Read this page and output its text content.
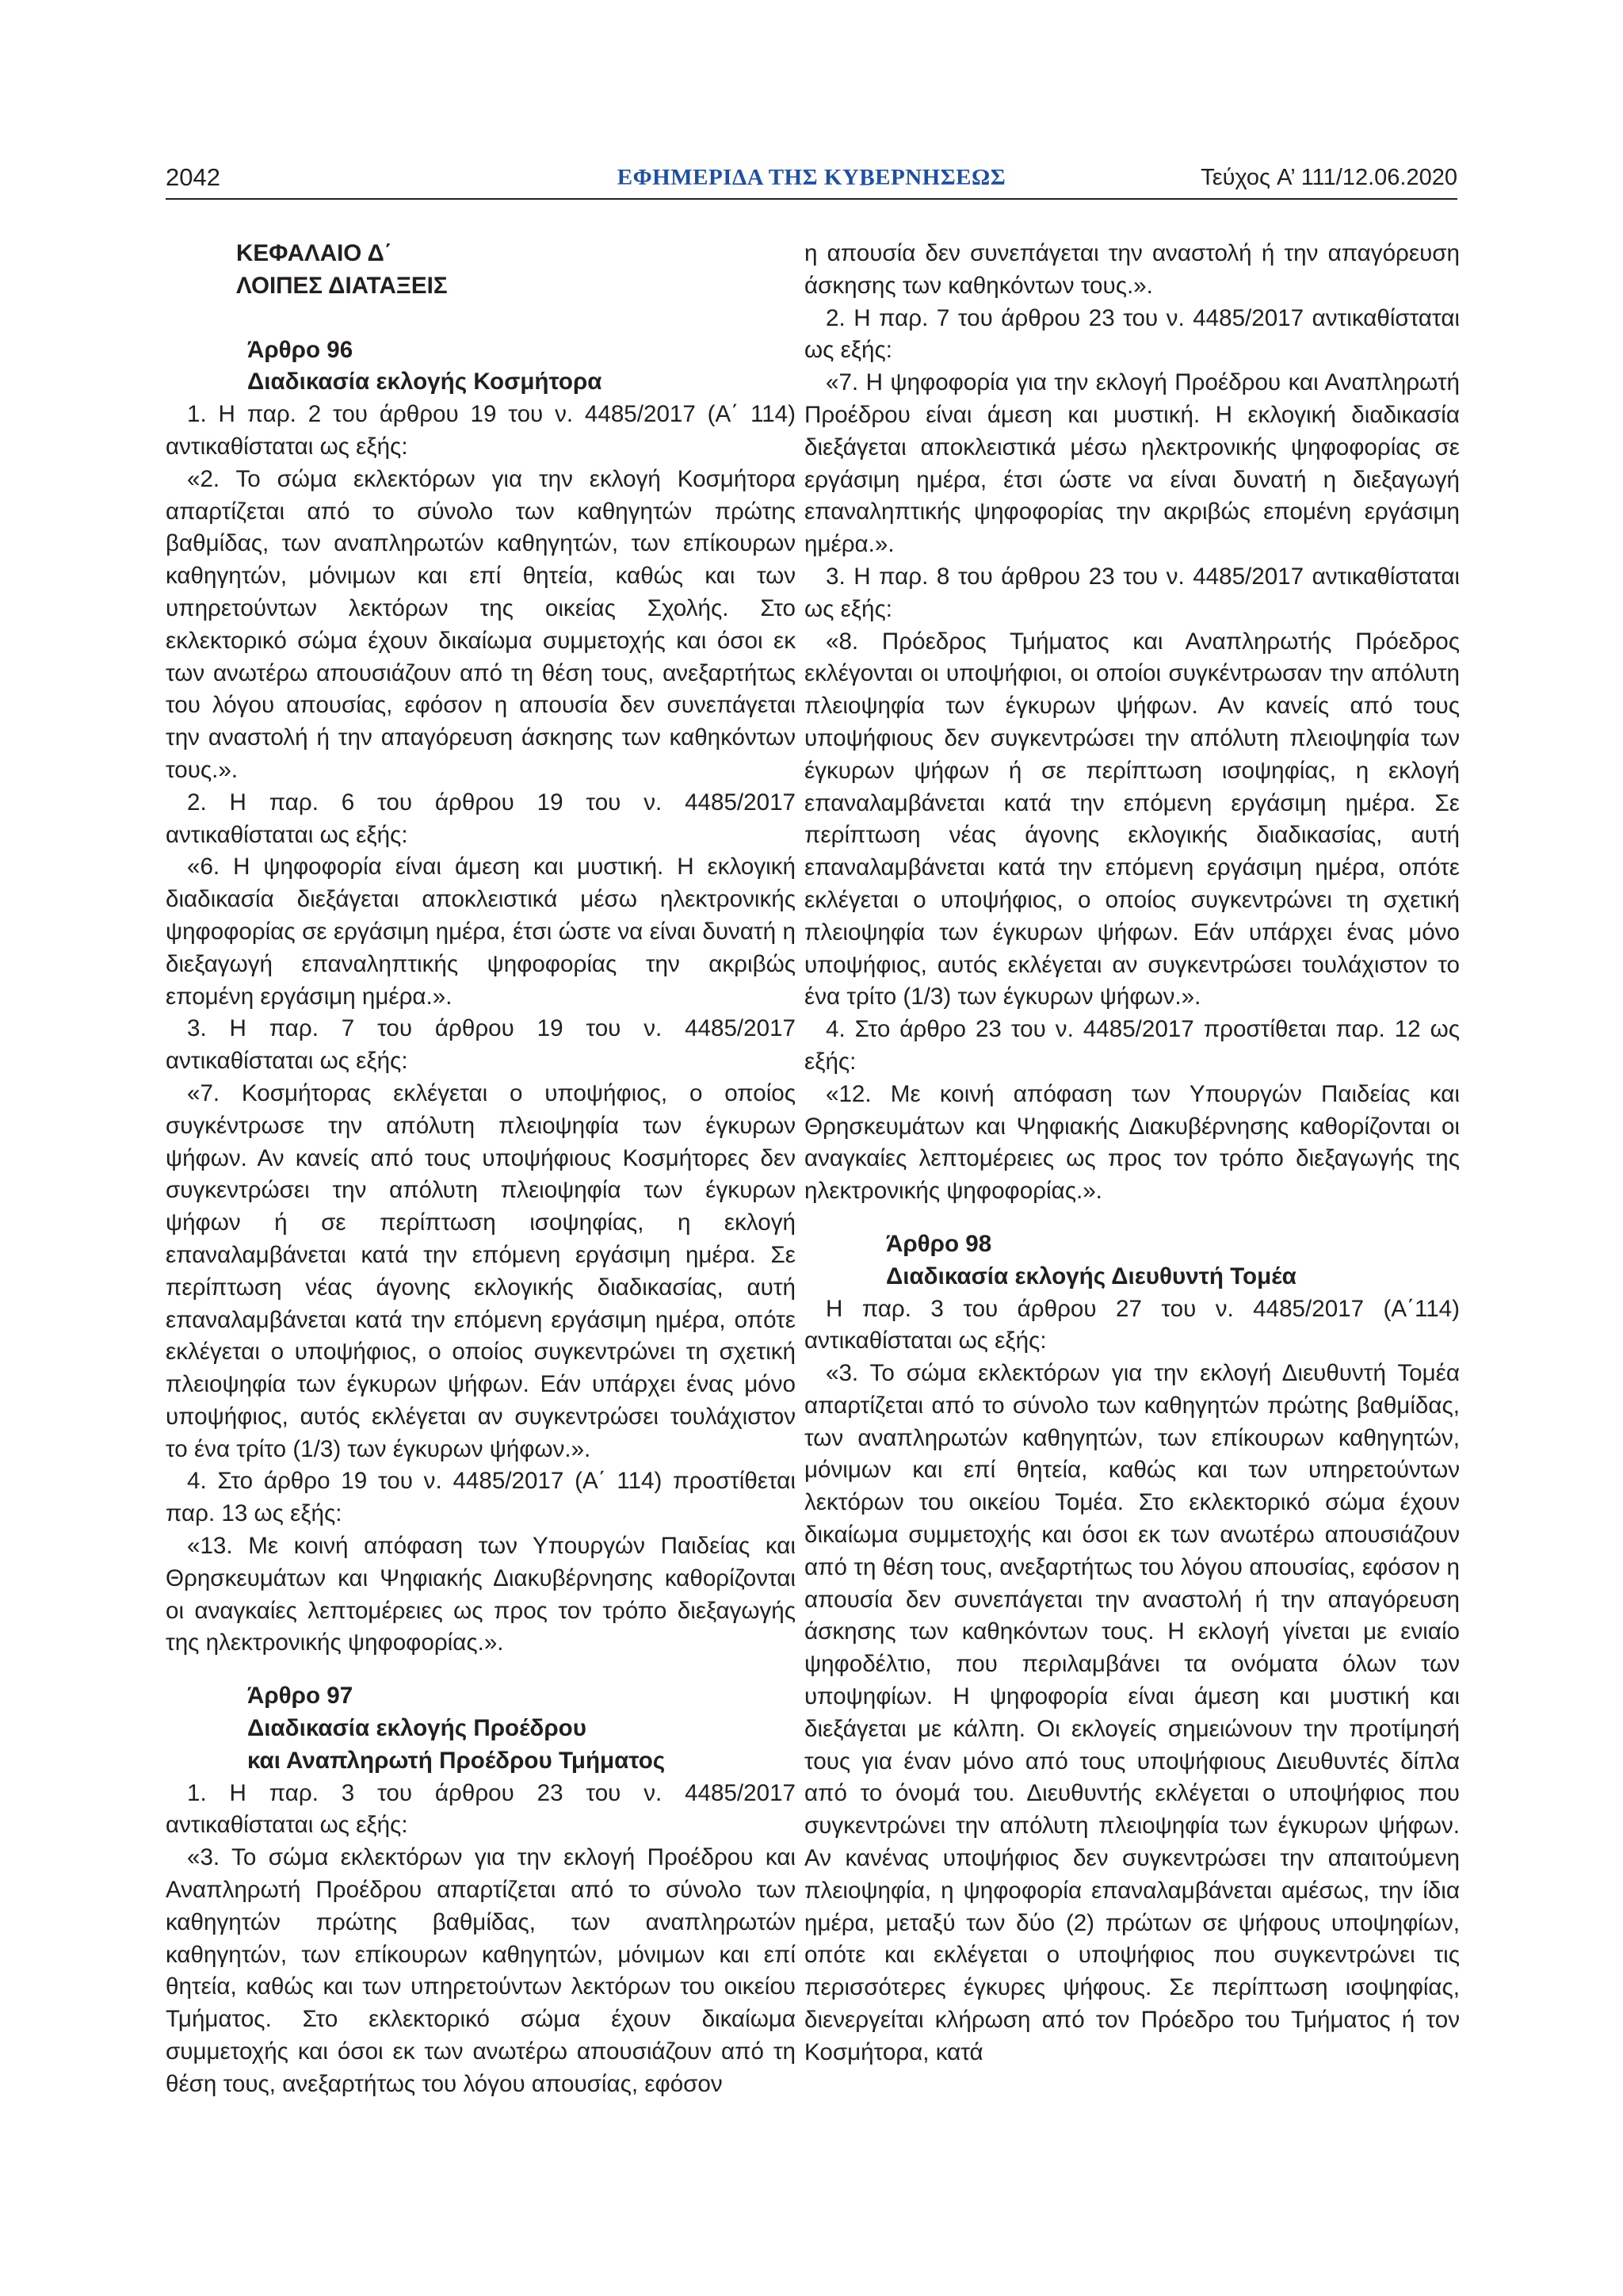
2042	ΕΦΗΜΕΡΙΔΑ ΤΗΣ ΚΥΒΕΡΝΗΣΕΩΣ	Τεύχος A’ 111/12.06.2020

ΚΕΦΑΛΑΙΟ Δ΄

ΛΟΙΠΕΣ ΔΙΑΤΑΞΕΙΣ

Άρθρο 96

Διαδικασία εκλογής Κοσμήτορα

1. Η παρ. 2 του άρθρου 19 του ν. 4485/2017 (A΄ 114) αντικαθίσταται ως εξής:

«2. Το σώμα εκλεκτόρων για την εκλογή Κοσμήτορα απαρτίζεται από το σύνολο των καθηγητών πρώτης βαθμίδας, των αναπληρωτών καθηγητών, των επίκουρων καθηγητών, μόνιμων και επί θητεία, καθώς και των υπηρετούντων λεκτόρων της οικείας Σχολής. Στο εκλεκτορικό σώμα έχουν δικαίωμα συμμετοχής και όσοι εκ των ανωτέρω απουσιάζουν από τη θέση τους, ανεξαρτήτως του λόγου απουσίας, εφόσον η απουσία δεν συνεπάγεται την αναστολή ή την απαγόρευση άσκησης των καθηκόντων τους.».

2. Η παρ. 6 του άρθρου 19 του ν. 4485/2017 αντικαθίσταται ως εξής:

«6. Η ψηφοφορία είναι άμεση και μυστική. Η εκλογική διαδικασία διεξάγεται αποκλειστικά μέσω ηλεκτρονικής ψηφοφορίας σε εργάσιμη ημέρα, έτσι ώστε να είναι δυνατή η διεξαγωγή επαναληπτικής ψηφοφορίας την ακριβώς επομένη εργάσιμη ημέρα.».

3. Η παρ. 7 του άρθρου 19 του ν. 4485/2017 αντικαθίσταται ως εξής:

«7. Κοσμήτορας εκλέγεται ο υποψήφιος, ο οποίος συγκέντρωσε την απόλυτη πλειοψηφία των έγκυρων ψήφων. Αν κανείς από τους υποψήφιους Κοσμήτορες δεν συγκεντρώσει την απόλυτη πλειοψηφία των έγκυρων ψήφων ή σε περίπτωση ισοψηφίας, η εκλογή επαναλαμβάνεται κατά την επόμενη εργάσιμη ημέρα. Σε περίπτωση νέας άγονης εκλογικής διαδικασίας, αυτή επαναλαμβάνεται κατά την επόμενη εργάσιμη ημέρα, οπότε εκλέγεται ο υποψήφιος, ο οποίος συγκεντρώνει τη σχετική πλειοψηφία των έγκυρων ψήφων. Εάν υπάρχει ένας μόνο υποψήφιος, αυτός εκλέγεται αν συγκεντρώσει τουλάχιστον το ένα τρίτο (1/3) των έγκυρων ψήφων.».

4. Στο άρθρο 19 του ν. 4485/2017 (A΄ 114) προστίθεται παρ. 13 ως εξής:

«13. Με κοινή απόφαση των Υπουργών Παιδείας και Θρησκευμάτων και Ψηφιακής Διακυβέρνησης καθορίζονται οι αναγκαίες λεπτομέρειες ως προς τον τρόπο διεξαγωγής της ηλεκτρονικής ψηφοφορίας.».

Άρθρο 97

Διαδικασία εκλογής Προέδρου

και Αναπληρωτή Προέδρου Τμήματος

1. Η παρ. 3 του άρθρου 23 του ν. 4485/2017 αντικαθίσταται ως εξής:

«3. Το σώμα εκλεκτόρων για την εκλογή Προέδρου και Αναπληρωτή Προέδρου απαρτίζεται από το σύνολο των καθηγητών πρώτης βαθμίδας, των αναπληρωτών καθηγητών, των επίκουρων καθηγητών, μόνιμων και επί θητεία, καθώς και των υπηρετούντων λεκτόρων του οικείου Τμήματος. Στο εκλεκτορικό σώμα έχουν δικαίωμα συμμετοχής και όσοι εκ των ανωτέρω απουσιάζουν από τη θέση τους, ανεξαρτήτως του λόγου απουσίας, εφόσον

η απουσία δεν συνεπάγεται την αναστολή ή την απαγόρευση άσκησης των καθηκόντων τους.».

2. Η παρ. 7 του άρθρου 23 του ν. 4485/2017 αντικαθίσταται ως εξής:

«7. Η ψηφοφορία για την εκλογή Προέδρου και Αναπληρωτή Προέδρου είναι άμεση και μυστική. Η εκλογική διαδικασία διεξάγεται αποκλειστικά μέσω ηλεκτρονικής ψηφοφορίας σε εργάσιμη ημέρα, έτσι ώστε να είναι δυνατή η διεξαγωγή επαναληπτικής ψηφοφορίας την ακριβώς επομένη εργάσιμη ημέρα.».

3. Η παρ. 8 του άρθρου 23 του ν. 4485/2017 αντικαθίσταται ως εξής:

«8. Πρόεδρος Τμήματος και Αναπληρωτής Πρόεδρος εκλέγονται οι υποψήφιοι, οι οποίοι συγκέντρωσαν την απόλυτη πλειοψηφία των έγκυρων ψήφων. Αν κανείς από τους υποψήφιους δεν συγκεντρώσει την απόλυτη πλειοψηφία των έγκυρων ψήφων ή σε περίπτωση ισοψηφίας, η εκλογή επαναλαμβάνεται κατά την επόμενη εργάσιμη ημέρα. Σε περίπτωση νέας άγονης εκλογικής διαδικασίας, αυτή επαναλαμβάνεται κατά την επόμενη εργάσιμη ημέρα, οπότε εκλέγεται ο υποψήφιος, ο οποίος συγκεντρώνει τη σχετική πλειοψηφία των έγκυρων ψήφων. Εάν υπάρχει ένας μόνο υποψήφιος, αυτός εκλέγεται αν συγκεντρώσει τουλάχιστον το ένα τρίτο (1/3) των έγκυρων ψήφων.».

4. Στο άρθρο 23 του ν. 4485/2017 προστίθεται παρ. 12 ως εξής:

«12. Με κοινή απόφαση των Υπουργών Παιδείας και Θρησκευμάτων και Ψηφιακής Διακυβέρνησης καθορίζονται οι αναγκαίες λεπτομέρειες ως προς τον τρόπο διεξαγωγής της ηλεκτρονικής ψηφοφορίας.».

Άρθρο 98

Διαδικασία εκλογής Διευθυντή Τομέα

Η παρ. 3 του άρθρου 27 του ν. 4485/2017 (A΄114) αντικαθίσταται ως εξής:

«3. Το σώμα εκλεκτόρων για την εκλογή Διευθυντή Τομέα απαρτίζεται από το σύνολο των καθηγητών πρώτης βαθμίδας, των αναπληρωτών καθηγητών, των επίκουρων καθηγητών, μόνιμων και επί θητεία, καθώς και των υπηρετούντων λεκτόρων του οικείου Τομέα. Στο εκλεκτορικό σώμα έχουν δικαίωμα συμμετοχής και όσοι εκ των ανωτέρω απουσιάζουν από τη θέση τους, ανεξαρτήτως του λόγου απουσίας, εφόσον η απουσία δεν συνεπάγεται την αναστολή ή την απαγόρευση άσκησης των καθηκόντων τους. Η εκλογή γίνεται με ενιαίο ψηφοδέλτιο, που περιλαμβάνει τα ονόματα όλων των υποψηφίων. Η ψηφοφορία είναι άμεση και μυστική και διεξάγεται με κάλπη. Οι εκλογείς σημειώνουν την προτίμησή τους για έναν μόνο από τους υποψήφιους Διευθυντές δίπλα από το όνομά του. Διευθυντής εκλέγεται ο υποψήφιος που συγκεντρώνει την απόλυτη πλειοψηφία των έγκυρων ψήφων. Αν κανένας υποψήφιος δεν συγκεντρώσει την απαιτούμενη πλειοψηφία, η ψηφοφορία επαναλαμβάνεται αμέσως, την ίδια ημέρα, μεταξύ των δύο (2) πρώτων σε ψήφους υποψηφίων, οπότε και εκλέγεται ο υποψήφιος που συγκεντρώνει τις περισσότερες έγκυρες ψήφους. Σε περίπτωση ισοψηφίας, διενεργείται κλήρωση από τον Πρόεδρο του Τμήματος ή τον Κοσμήτορα, κατά
